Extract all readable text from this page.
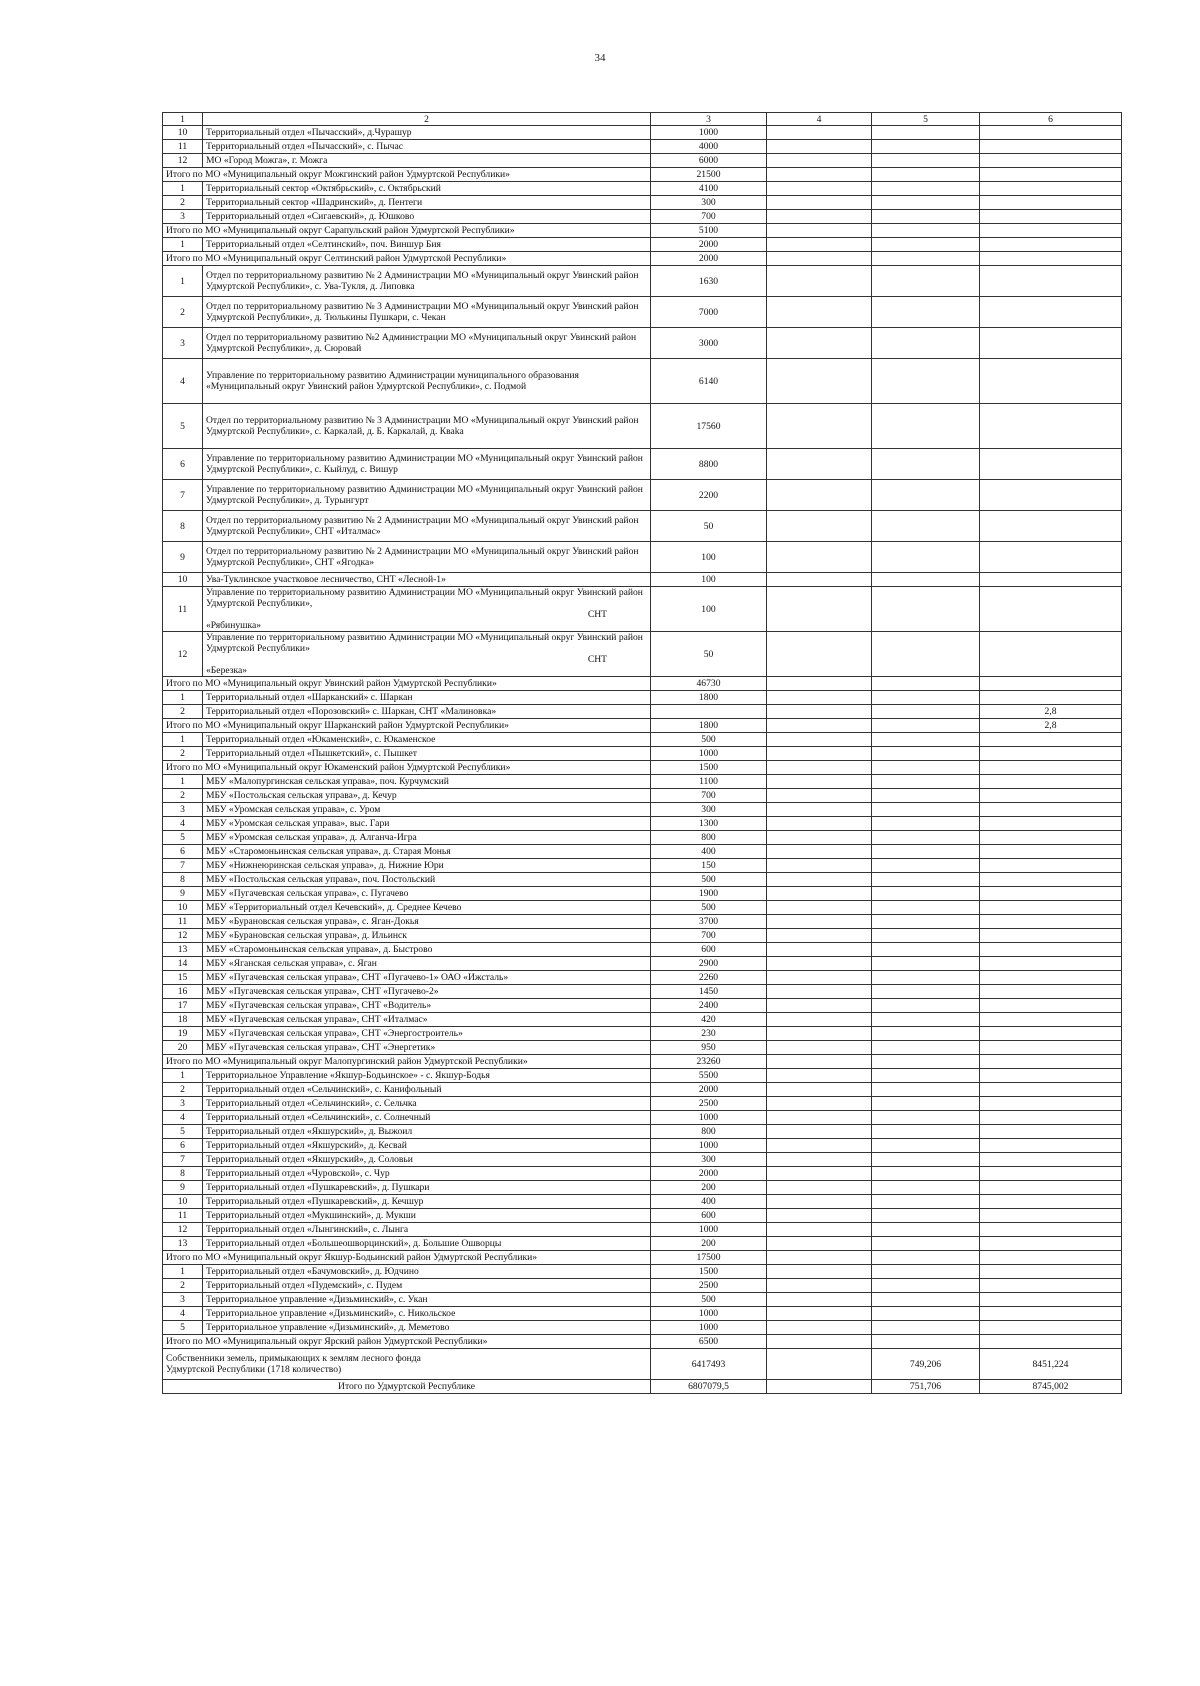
34
1	2	3	4	5	6
10	Территориальный отдел «Пычасский», д.Чурашур	1000			
11	Территориальный отдел «Пычасский», с. Пычас	4000			
12	МО «Город Можга», г. Можга	6000			
Итого по МО «Муниципальный округ Можгинский район Удмуртской Республики»		21500			
1	Территориальный сектор «Октябрьский», с. Октябрьский	4100			
2	Территориальный сектор «Шадринский», д. Пентеги	300			
3	Территориальный отдел «Сигаевский», д. Юшково	700			
Итого по МО «Муниципальный округ Сарапульский район Удмуртской Республики»		5100			
1	Территориальный отдел «Селтинский», поч. Виншур Бия	2000			
Итого по МО «Муниципальный округ Селтинский район Удмуртской Республики»		2000			
1	Отдел по территориальному развитию № 2 Администрации МО «Муниципальный округ Увинский район Удмуртской Республики», с. Ува-Тукля, д. Липовка	1630			
2	Отдел по территориальному развитию № 3 Администрации МО «Муниципальный округ Увинский район Удмуртской Республики», д. Тюлькины Пушкари, с. Чекан	7000			
3	Отдел по территориальному развитию №2 Администрации МО «Муниципальный округ Увинский район Удмуртской Республики», д. Сюровай	3000			
4	Управление по территориальному развитию Администрации муниципального образования «Муниципальный округ Увинский район Удмуртской Республики», с. Подмой	6140			
5	Отдел по территориальному развитию № 3 Администрации МО «Муниципальный округ Увинский район Удмуртской Республики», с. Каркалай, д. Б. Каркалай, д. Кваka	17560			
6	Управление по территориальному развитию Администрации МО «Муниципальный округ Увинский район Удмуртской Республики», с. Кыйлуд, с. Вишур	8800			
7	Управление по территориальному развитию Администрации МО «Муниципальный округ Увинский район Удмуртской Республики», д. Турынгурт	2200			
8	Отдел по территориальному развитию № 2 Администрации МО «Муниципальный округ Увинский район Удмуртской Республики», СНТ «Италмас»	50			
9	Отдел по территориальному развитию № 2 Администрации МО «Муниципальный округ Увинский район Удмуртской Республики», СНТ «Ягодка»	100			
10	Ува-Туклинское участковое лесничество, СНТ «Лесной-1»	100			
11	Управление по территориальному развитию Администрации МО «Муниципальный округ Увинский район Удмуртской Республики»,
СНТ
«Рябинушка»	100			
12	Управление по территориальному развитию Администрации МО «Муниципальный округ Увинский район Удмуртской Республики»
СНТ
«Березка»	50			
Итого по МО «Муниципальный округ Увинский район Удмуртской Республики»		46730			
1	Территориальный отдел «Шарканский» с. Шаркан	1800			
2	Территориальный отдел «Порозовский» с. Шаркан, СНТ «Малиновка»				2,8
Итого по МО «Муниципальный округ Шарканский район Удмуртской Республики»		1800			2,8
1	Территориальный отдел «Юкаменский», с. Юкаменское	500			
2	Территориальный отдел «Пышкетский», с. Пышкет	1000			
Итого по МО «Муниципальный округ Юкаменский район Удмуртской Республики»		1500			
1	МБУ «Малопургинская сельская управа», поч. Курчумский	1100			
2	МБУ «Постольская сельская управа», д. Кечур	700			
3	МБУ «Уромская сельская управа», с. Уром	300			
4	МБУ «Уромская сельская управа», выс. Гари	1300			
5	МБУ «Уромская сельская управа», д. Алганча-Игра	800			
6	МБУ «Старомоньинская сельская управа», д. Старая Монья	400			
7	МБУ «Нижнеюринская сельская управа», д. Нижние Юри	150			
8	МБУ «Постольская сельская управа», поч. Постольский	500			
9	МБУ «Пугачевская сельская управа», с. Пугачево	1900			
10	МБУ «Территориальный отдел Кечевский», д. Среднее Кечево	500			
11	МБУ «Бурановская сельская управа», с. Яган-Докья	3700			
12	МБУ «Бурановская сельская управа», д. Ильинск	700			
13	МБУ «Старомоньинская сельская управа», д. Быстрово	600			
14	МБУ «Яганская сельская управа», с. Яган	2900			
15	МБУ «Пугачевская сельская управа», СНТ «Пугачево-1» ОАО «Ижсталь»	2260			
16	МБУ «Пугачевская сельская управа», СНТ «Пугачево-2»	1450			
17	МБУ «Пугачевская сельская управа», СНТ «Водитель»	2400			
18	МБУ «Пугачевская сельская управа», СНТ «Италмас»	420			
19	МБУ «Пугачевская сельская управа», СНТ «Энергостроитель»	230			
20	МБУ «Пугачевская сельская управа», СНТ «Энергетик»	950			
Итого по МО «Муниципальный округ Малопургинский район Удмуртской Республики»		23260			
1	Территориальное Управление «Якшур-Бодьинское» - с. Якшур-Бодья	5500			
2	Территориальный отдел «Сельчинский», с. Канифольный	2000			
3	Территориальный отдел «Сельчинский», с. Сельчка	2500			
4	Территориальный отдел «Сельчинский», с. Солнечный	1000			
5	Территориальный отдел «Якшурский», д. Выжоил	800			
6	Территориальный отдел «Якшурский», д. Кесвай	1000			
7	Территориальный отдел «Якшурский», д. Соловьи	300			
8	Территориальный отдел «Чуровской», с. Чур	2000			
9	Территориальный отдел «Пушкаревский», д. Пушкари	200			
10	Территориальный отдел «Пушкаревский», д. Кечшур	400			
11	Территориальный отдел «Мукшинский», д. Мукши	600			
12	Территориальный отдел «Лынгинский», с. Лынга	1000			
13	Территориальный отдел «Большеошворцинский», д. Большие Ошворцы	200			
Итого по МО «Муниципальный округ Якшур-Бодьинский район Удмуртской Республики»		17500			
1	Территориальный отдел «Бачумовский», д. Юдчино	1500			
2	Территориальный отдел «Пудемский», с. Пудем	2500			
3	Территориальное управление «Дизьминский», с. Укан	500			
4	Территориальное управление «Дизьминский», с. Никольское	1000			
5	Территориальное управление «Дизьминский», д. Меметово	1000			
Итого по МО «Муниципальный округ Ярский район Удмуртской Республики»		6500			

Собственники земель, примыкающих к землям лесного фонда
Удмуртской Республики (1718 количество)		6417493		749,206	8451,224
Итого по Удмуртской Республике		6807079,5		751,706	8745,002
